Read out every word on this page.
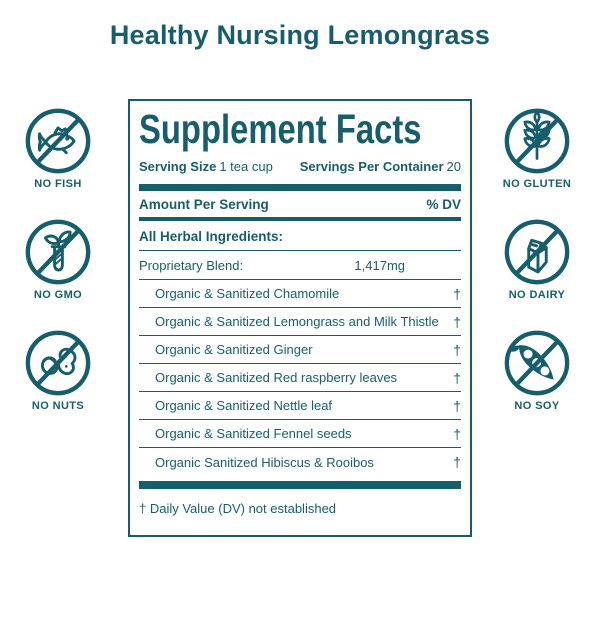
Healthy Nursing Lemongrass
NO FISH
NO GMO
NO NUTS
NO GLUTEN
NO DAIRY
NO SOY
Supplement Facts
Serving Size 1 tea cup Servings Per Container 20
Amount Per Serving	% DV
All Herbal Ingredients:
Proprietary Blend:	1,417mg
Organic & Sanitized Chamomile	†
Organic & Sanitized Lemongrass and Milk Thistle †
Organic & Sanitized Ginger	†
Organic & Sanitized Red raspberry leaves	†
Organic & Sanitized Nettle leaf	†
Organic & Sanitized Fennel seeds	†
Organic Sanitized Hibiscus & Rooibos	†
† Daily Value (DV) not established
